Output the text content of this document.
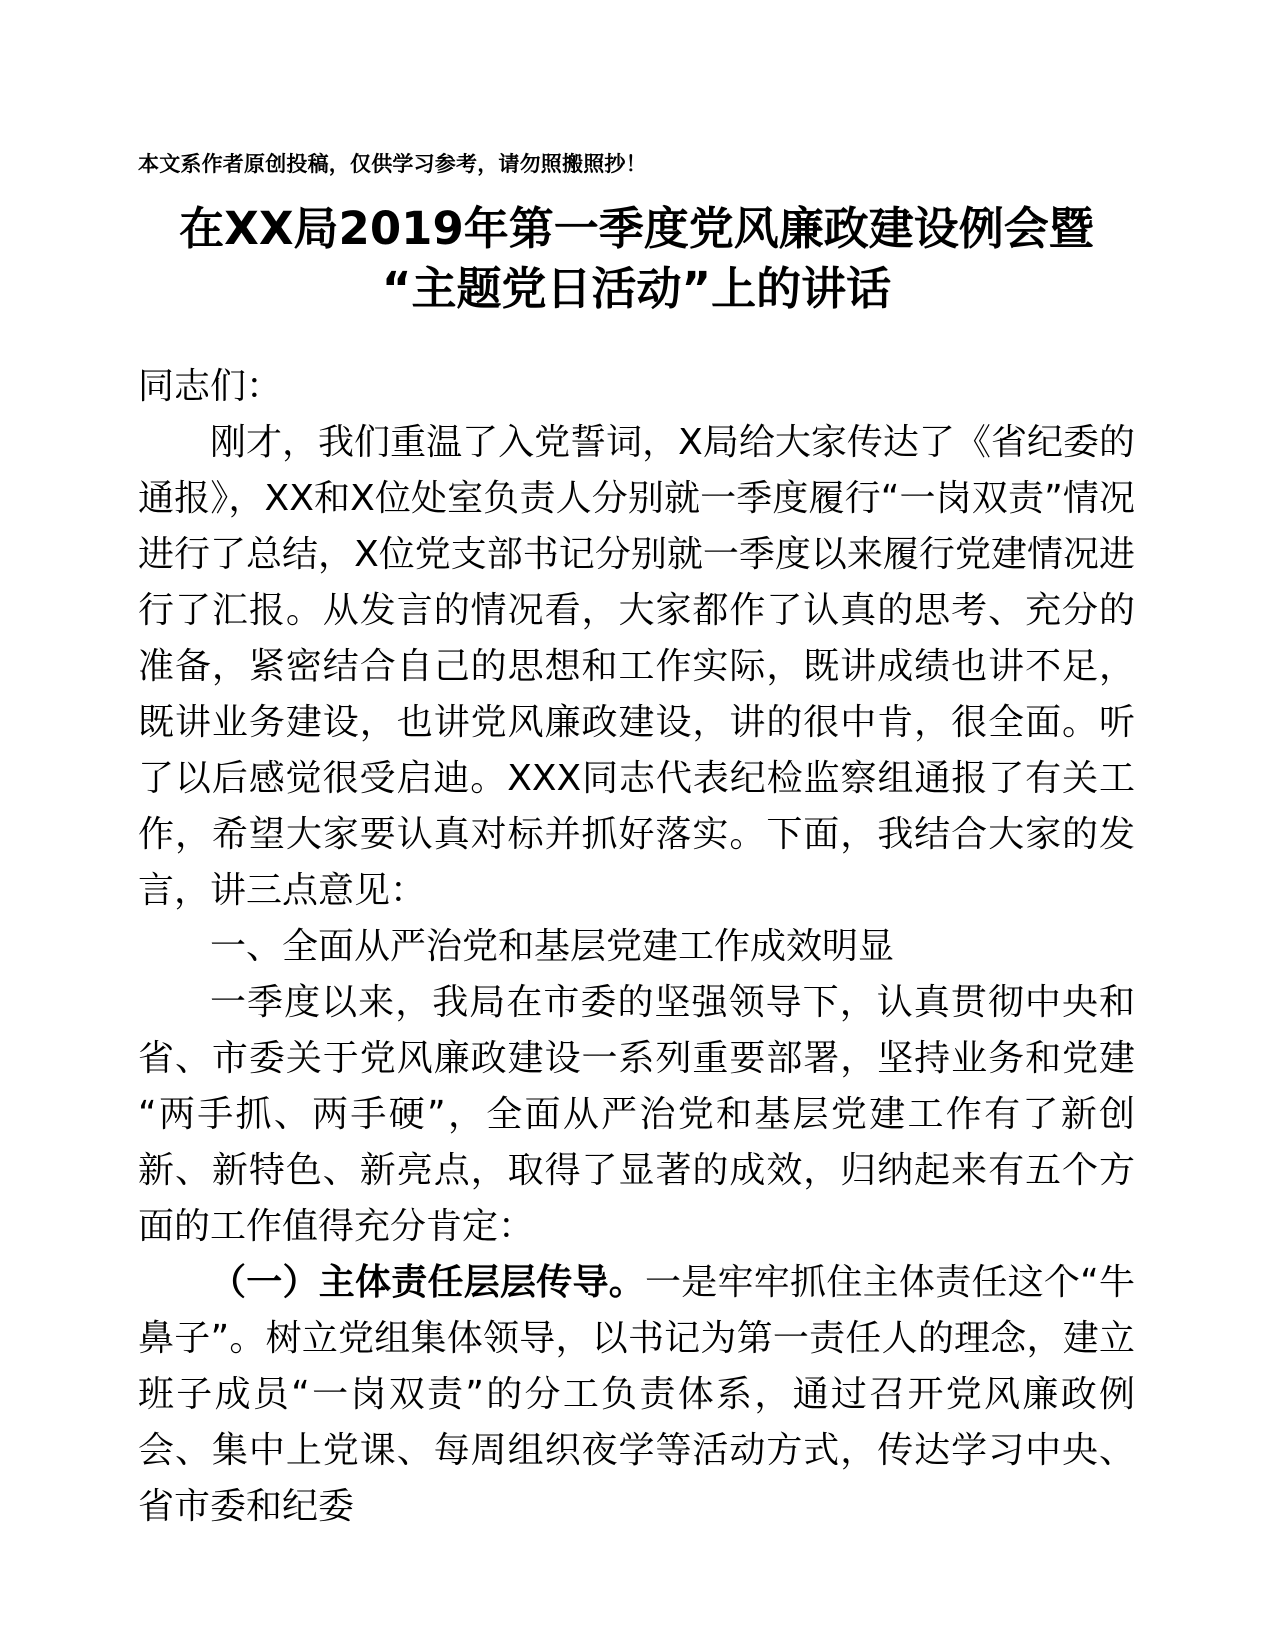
本文系作者原创投稿，仅供学习参考，请勿照搬照抄！
在XX局2019年第一季度党风廉政建设例会暨
“主题党日活动”上的讲话

同志们：

刚才，我们重温了入党誓词，X局给大家传达了《省纪委的通报》，XX和X位处室负责人分别就一季度履行“一岗双责”情况进行了总结，X位党支部书记分别就一季度以来履行党建情况进行了汇报。从发言的情况看，大家都作了认真的思考、充分的准备，紧密结合自己的思想和工作实际，既讲成绩也讲不足，既讲业务建设，也讲党风廉政建设，讲的很中肯，很全面。听了以后感觉很受启迪。XXX同志代表纪检监察组通报了有关工作，希望大家要认真对标并抓好落实。下面，我结合大家的发言，讲三点意见：

一、全面从严治党和基层党建工作成效明显

一季度以来，我局在市委的坚强领导下，认真贯彻中央和省、市委关于党风廉政建设一系列重要部署，坚持业务和党建“两手抓、两手硬”，全面从严治党和基层党建工作有了新创新、新特色、新亮点，取得了显著的成效，归纳起来有五个方面的工作值得充分肯定：

（一）主体责任层层传导。一是牢牢抓住主体责任这个“牛鼻子”。树立党组集体领导，以书记为第一责任人的理念，建立班子成员“一岗双责”的分工负责体系，通过召开党风廉政例会、集中上党课、每周组织夜学等活动方式，传达学习中央、省市委和纪委
